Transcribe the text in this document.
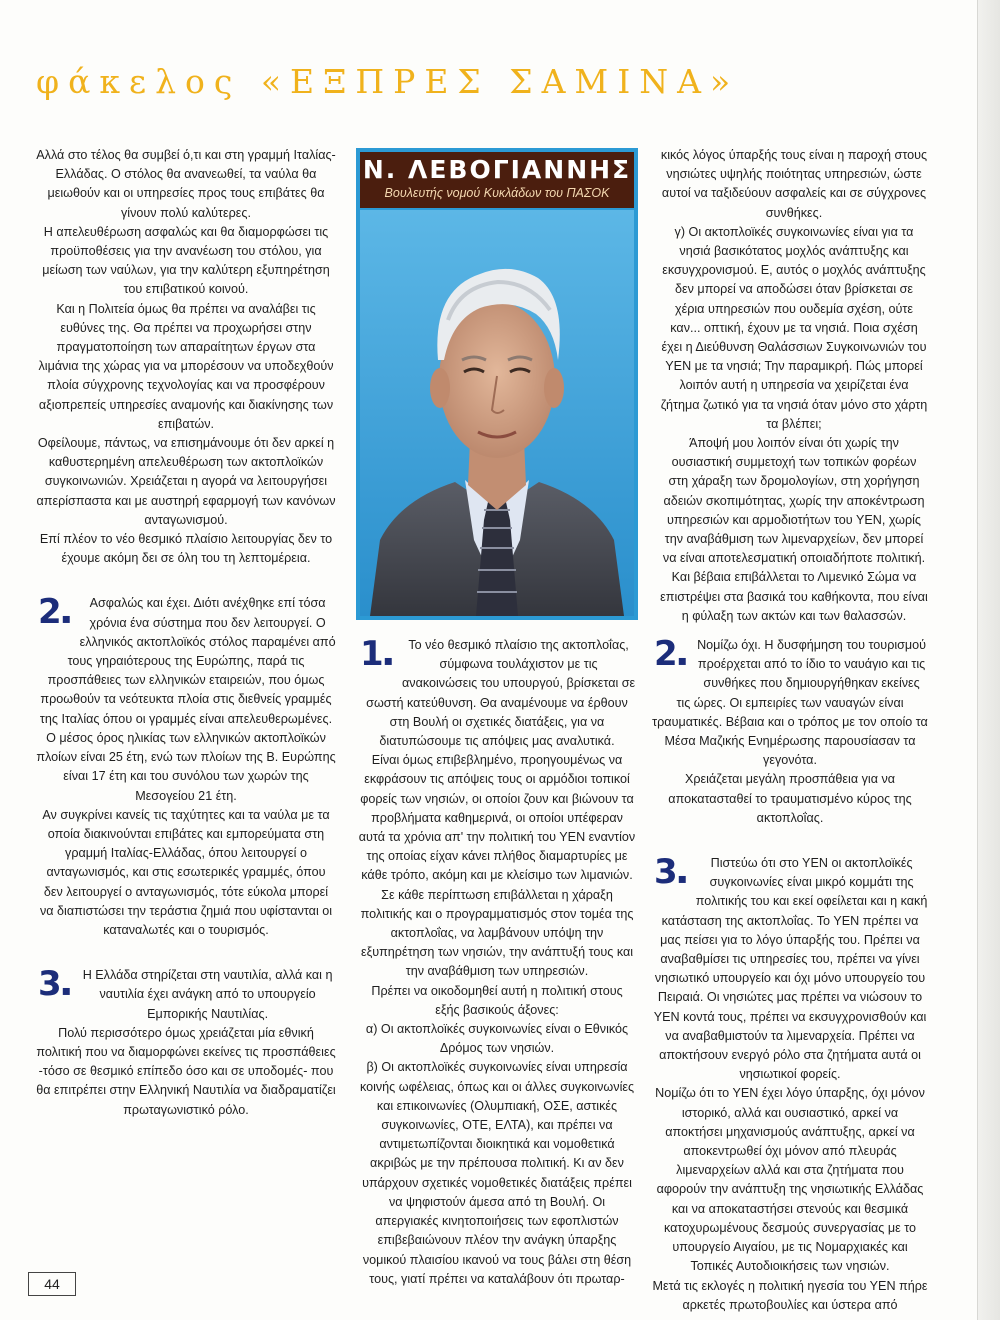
φάκελος «ΕΞΠΡΕΣ ΣΑΜΙΝΑ»

Αλλά στο τέλος θα συμβεί ό,τι και στη γραμμή Ιταλίας-Ελλάδας. Ο στόλος θα ανανεωθεί, τα ναύλα θα μειωθούν και οι υπηρεσίες προς τους επιβάτες θα γίνουν πολύ καλύτερες.

Η απελευθέρωση ασφαλώς και θα διαμορφώσει τις προϋποθέσεις για την ανανέωση του στόλου, για μείωση των ναύλων, για την καλύτερη εξυπηρέτηση του επιβατικού κοινού.

Και η Πολιτεία όμως θα πρέπει να αναλάβει τις ευθύνες της. Θα πρέπει να προχωρήσει στην πραγματοποίηση των απαραίτητων έργων στα λιμάνια της χώρας για να μπορέσουν να υποδεχθούν πλοία σύγχρονης τεχνολογίας και να προσφέρουν αξιοπρεπείς υπηρεσίες αναμονής και διακίνησης των επιβατών.

Οφείλουμε, πάντως, να επισημάνουμε ότι δεν αρκεί η καθυστερημένη απελευθέρωση των ακτοπλοϊκών συγκοινωνιών. Χρειάζεται η αγορά να λειτουργήσει απερίσπαστα και με αυστηρή εφαρμογή των κανόνων ανταγωνισμού.

Επί πλέον το νέο θεσμικό πλαίσιο λειτουργίας δεν το έχουμε ακόμη δει σε όλη του τη λεπτομέρεια.

2▪
Ασφαλώς και έχει. Διότι ανέχθηκε επί τόσα χρόνια ένα σύστημα που δεν λειτουργεί. Ο ελληνικός ακτοπλοϊκός στόλος παραμένει από τους γηραιότερους της Ευρώπης, παρά τις προσπάθειες των ελληνικών εταιρειών, που όμως προωθούν τα νεότευκτα πλοία στις διεθνείς γραμμές της Ιταλίας όπου οι γραμμές είναι απελευθερωμένες.

Ο μέσος όρος ηλικίας των ελληνικών ακτοπλοϊκών πλοίων είναι 25 έτη, ενώ των πλοίων της Β. Ευρώπης είναι 17 έτη και του συνόλου των χωρών της Μεσογείου 21 έτη.

Αν συγκρίνει κανείς τις ταχύτητες και τα ναύλα με τα οποία διακινούνται επιβάτες και εμπορεύματα στη γραμμή Ιταλίας-Ελλάδας, όπου λειτουργεί ο ανταγωνισμός, και στις εσωτερικές γραμμές, όπου δεν λειτουργεί ο ανταγωνισμός, τότε εύκολα μπορεί να διαπιστώσει την τεράστια ζημιά που υφίστανται οι καταναλωτές και ο τουρισμός.

3▪
Η Ελλάδα στηρίζεται στη ναυτιλία, αλλά και η ναυτιλία έχει ανάγκη από το υπουργείο Εμπορικής Ναυτιλίας.

Πολύ περισσότερο όμως χρειάζεται μία εθνική πολιτική που να διαμορφώνει εκείνες τις προσπάθειες -τόσο σε θεσμικό επίπεδο όσο και σε υποδομές- που θα επιτρέπει στην Ελληνική Ναυτιλία να διαδραματίζει πρωταγωνιστικό ρόλο.

Ν. ΛΕΒΟΓΙΑΝΝΗΣ
Βουλευτής νομού Κυκλάδων του ΠΑΣΟΚ

κικός λόγος ύπαρξής τους είναι η παροχή στους νησιώτες υψηλής ποιότητας υπηρεσιών, ώστε αυτοί να ταξιδεύουν ασφαλείς και σε σύγχρονες συνθήκες.

γ) Οι ακτοπλοϊκές συγκοινωνίες είναι για τα νησιά βασικότατος μοχλός ανάπτυξης και εκσυγχρονισμού. Ε, αυτός ο μοχλός ανάπτυξης δεν μπορεί να αποδώσει όταν βρίσκεται σε χέρια υπηρεσιών που ουδεμία σχέση, ούτε καν... οπτική, έχουν με τα νησιά. Ποια σχέση έχει η Διεύθυνση Θαλάσσιων Συγκοινωνιών του ΥΕΝ με τα νησιά; Την παραμικρή. Πώς μπορεί λοιπόν αυτή η υπηρεσία να χειρίζεται ένα ζήτημα ζωτικό για τα νησιά όταν μόνο στο χάρτη τα βλέπει;

Άποψή μου λοιπόν είναι ότι χωρίς την ουσιαστική συμμετοχή των τοπικών φορέων στη χάραξη των δρομολογίων, στη χορήγηση αδειών σκοπιμότητας, χωρίς την αποκέντρωση υπηρεσιών και αρμοδιοτήτων του ΥΕΝ, χωρίς την αναβάθμιση των λιμεναρχείων, δεν μπορεί να είναι αποτελεσματική οποιαδήποτε πολιτική. Και βέβαια επιβάλλεται το Λιμενικό Σώμα να επιστρέψει στα βασικά του καθήκοντα, που είναι η φύλαξη των ακτών και των θαλασσών.

1▪
Το νέο θεσμικό πλαίσιο της ακτοπλοΐας, σύμφωνα τουλάχιστον με τις ανακοινώσεις του υπουργού, βρίσκεται σε σωστή κατεύθυνση. Θα αναμένουμε να έρθουν στη Βουλή οι σχετικές διατάξεις, για να διατυπώσουμε τις απόψεις μας αναλυτικά.

Είναι όμως επιβεβλημένο, προηγουμένως να εκφράσουν τις απόψεις τους οι αρμόδιοι τοπικοί φορείς των νησιών, οι οποίοι ζουν και βιώνουν τα προβλήματα καθημερινά, οι οποίοι υπέφεραν αυτά τα χρόνια απ' την πολιτική του ΥΕΝ εναντίον της οποίας είχαν κάνει πλήθος διαμαρτυρίες με κάθε τρόπο, ακόμη και με κλείσιμο των λιμανιών.

Σε κάθε περίπτωση επιβάλλεται η χάραξη πολιτικής και ο προγραμματισμός στον τομέα της ακτοπλοΐας, να λαμβάνουν υπόψη την εξυπηρέτηση των νησιών, την ανάπτυξή τους και την αναβάθμιση των υπηρεσιών.

Πρέπει να οικοδομηθεί αυτή η πολιτική στους εξής βασικούς άξονες:

α) Οι ακτοπλοϊκές συγκοινωνίες είναι ο Εθνικός Δρόμος των νησιών.

β) Οι ακτοπλοϊκές συγκοινωνίες είναι υπηρεσία κοινής ωφέλειας, όπως και οι άλλες συγκοινωνίες και επικοινωνίες (Ολυμπιακή, ΟΣΕ, αστικές συγκοινωνίες, ΟΤΕ, ΕΛΤΑ), και πρέπει να αντιμετωπίζονται διοικητικά και νομοθετικά ακριβώς με την πρέπουσα πολιτική. Κι αν δεν υπάρχουν σχετικές νομοθετικές διατάξεις πρέπει να ψηφιστούν άμεσα από τη Βουλή. Οι απεργιακές κινητοποιήσεις των εφοπλιστών επιβεβαιώνουν πλέον την ανάγκη ύπαρξης νομικού πλαισίου ικανού να τους βάλει στη θέση τους, γιατί πρέπει να καταλάβουν ότι πρωταρ-

2▪
Νομίζω όχι. Η δυσφήμηση του τουρισμού προέρχεται από το ίδιο το ναυάγιο και τις συνθήκες που δημιουργήθηκαν εκείνες τις ώρες. Οι εμπειρίες των ναυαγών είναι τραυματικές. Βέβαια και ο τρόπος με τον οποίο τα Μέσα Μαζικής Ενημέρωσης παρουσίασαν τα γεγονότα.

Χρειάζεται μεγάλη προσπάθεια για να αποκατασταθεί το τραυματισμένο κύρος της ακτοπλοΐας.

3▪
Πιστεύω ότι στο ΥΕΝ οι ακτοπλοϊκές συγκοινωνίες είναι μικρό κομμάτι της πολιτικής του και εκεί οφείλεται και η κακή κατάσταση της ακτοπλοΐας. Το ΥΕΝ πρέπει να μας πείσει για το λόγο ύπαρξής του. Πρέπει να αναβαθμίσει τις υπηρεσίες του, πρέπει να γίνει νησιωτικό υπουργείο και όχι μόνο υπουργείο του Πειραιά. Οι νησιώτες μας πρέπει να νιώσουν το ΥΕΝ κοντά τους, πρέπει να εκσυγχρονισθούν και να αναβαθμιστούν τα λιμεναρχεία. Πρέπει να αποκτήσουν ενεργό ρόλο στα ζητήματα αυτά οι νησιωτικοί φορείς.

Νομίζω ότι το ΥΕΝ έχει λόγο ύπαρξης, όχι μόνον ιστορικό, αλλά και ουσιαστικό, αρκεί να αποκτήσει μηχανισμούς ανάπτυξης, αρκεί να αποκεντρωθεί όχι μόνον από πλευράς λιμεναρχείων αλλά και στα ζητήματα που αφορούν την ανάπτυξη της νησιωτικής Ελλάδας και να αποκαταστήσει στενούς και θεσμικά κατοχυρωμένους δεσμούς συνεργασίας με το υπουργείο Αιγαίου, με τις Νομαρχιακές και Τοπικές Αυτοδιοικήσεις των νησιών.

Μετά τις εκλογές η πολιτική ηγεσία του ΥΕΝ πήρε αρκετές πρωτοβουλίες και ύστερα από

44
